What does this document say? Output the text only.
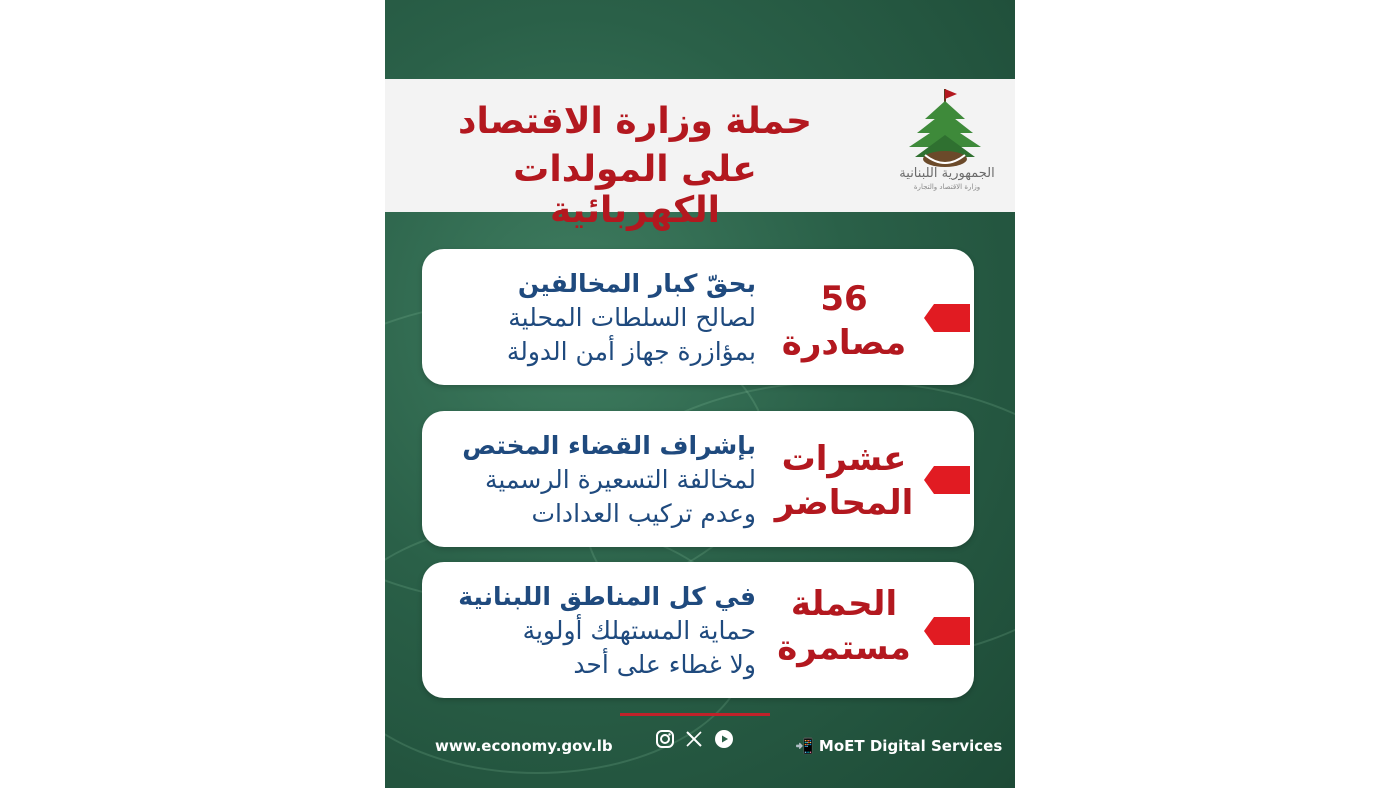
حملة وزارة الاقتصاد
على المولدات الكهربائية
الجمهورية اللبنانية
وزارة الاقتصاد والتجارة
بحقّ كبار المخالفين
لصالح السلطات المحلية
بمؤازرة جهاز أمن الدولة
56
مصادرة
بإشراف القضاء المختص
لمخالفة التسعيرة الرسمية
وعدم تركيب العدادات
عشرات
المحاضر
في كل المناطق اللبنانية
حماية المستهلك أولوية
ولا غطاء على أحد
الحملة
مستمرة
www.economy.gov.lb	📲 MoET Digital Services
